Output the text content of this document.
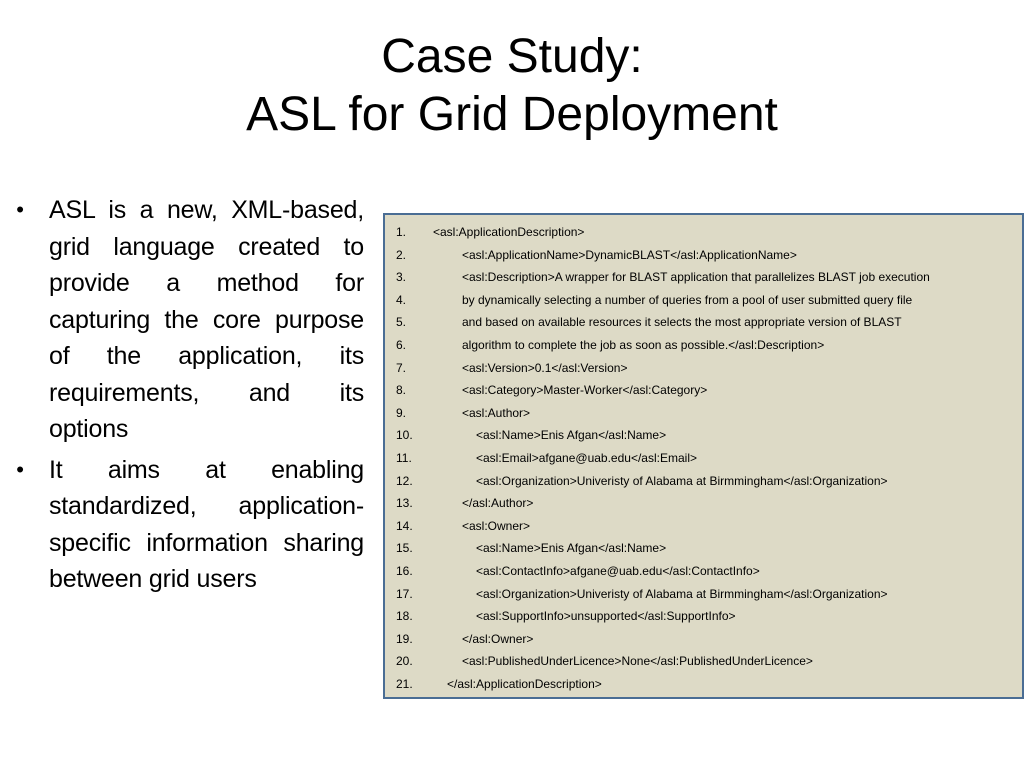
Case Study:
ASL for Grid Deployment
• ASL is a new, XML-based, grid language created to provide a method for capturing the core purpose of the application, its requirements, and its options
• It aims at enabling standardized, application-specific information sharing between grid users
1. <asl:ApplicationDescription>
2.	<asl:ApplicationName>DynamicBLAST</asl:ApplicationName>
3.	<asl:Description>A wrapper for BLAST application that parallelizes BLAST job execution
4.	by dynamically selecting a number of queries from a pool of user submitted query file
5.	and based on available resources it selects the most appropriate version of BLAST
6.	algorithm to complete the job as soon as possible.</asl:Description>
7.	<asl:Version>0.1</asl:Version>
8.	<asl:Category>Master-Worker</asl:Category>
9.	<asl:Author>
10.	<asl:Name>Enis Afgan</asl:Name>
11.	<asl:Email>afgane@uab.edu</asl:Email>
12.	<asl:Organization>Univeristy of Alabama at Birmmingham</asl:Organization>
13.	</asl:Author>
14.	<asl:Owner>
15.	<asl:Name>Enis Afgan</asl:Name>
16.	<asl:ContactInfo>afgane@uab.edu</asl:ContactInfo>
17.	<asl:Organization>Univeristy of Alabama at Birmmingham</asl:Organization>
18.	<asl:SupportInfo>unsupported</asl:SupportInfo>
19.	</asl:Owner>
20.	<asl:PublishedUnderLicence>None</asl:PublishedUnderLicence>
21.	</asl:ApplicationDescription>
